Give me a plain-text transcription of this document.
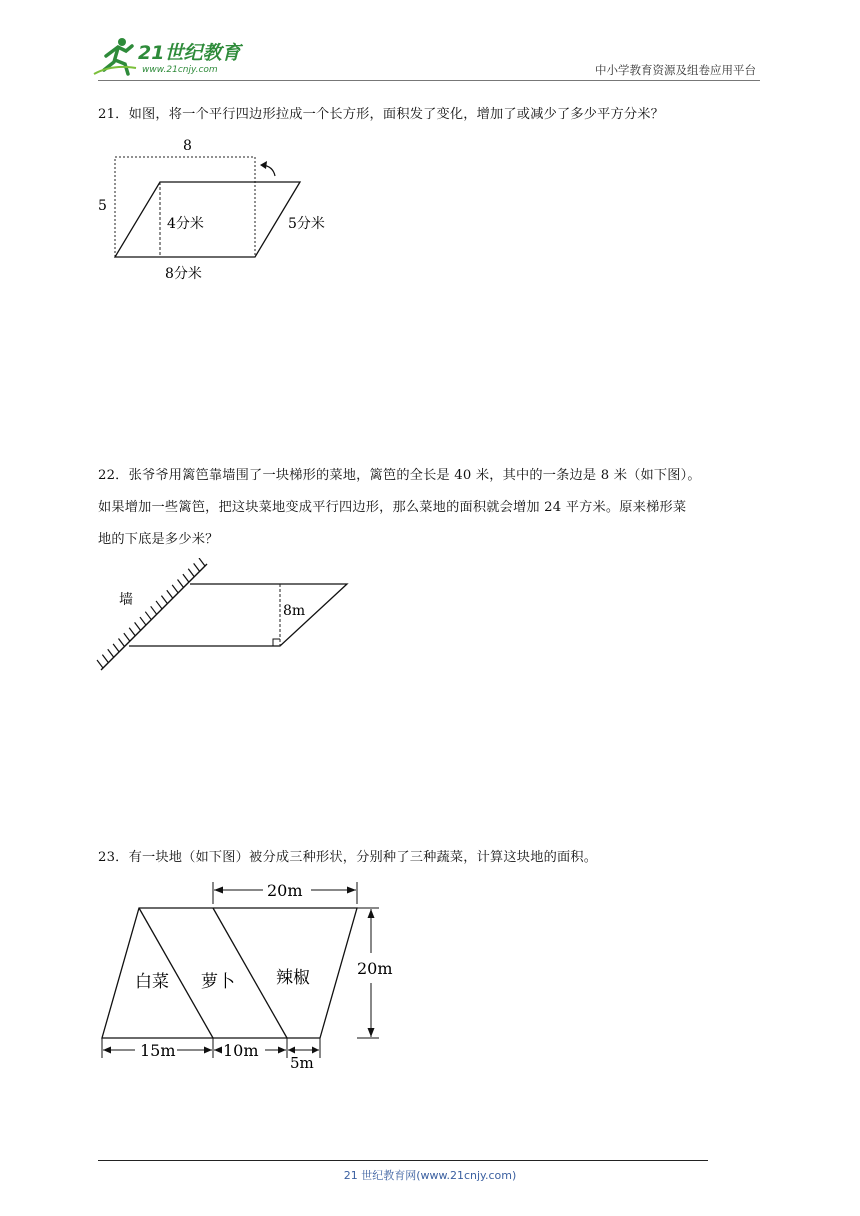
21世纪教育
www.21cnjy.com	中小学教育资源及组卷应用平台
21．如图，将一个平行四边形拉成一个长方形，面积发了变化，增加了或减少了多少平方分米？
8
5
4分米	5分米
8分米
22．张爷爷用篱笆靠墙围了一块梯形的菜地，篱笆的全长是 40 米，其中的一条边是 8 米（如下图）。
如果增加一些篱笆，把这块菜地变成平行四边形，那么菜地的面积就会增加 24 平方米。原来梯形菜
地的下底是多少米？
墙
8m
23．有一块地（如下图）被分成三种形状，分别种了三种蔬菜，计算这块地的面积。
20m
白菜 萝卜 辣椒	20m
15m	10m
5m
21 世纪教育网(www.21cnjy.com)
